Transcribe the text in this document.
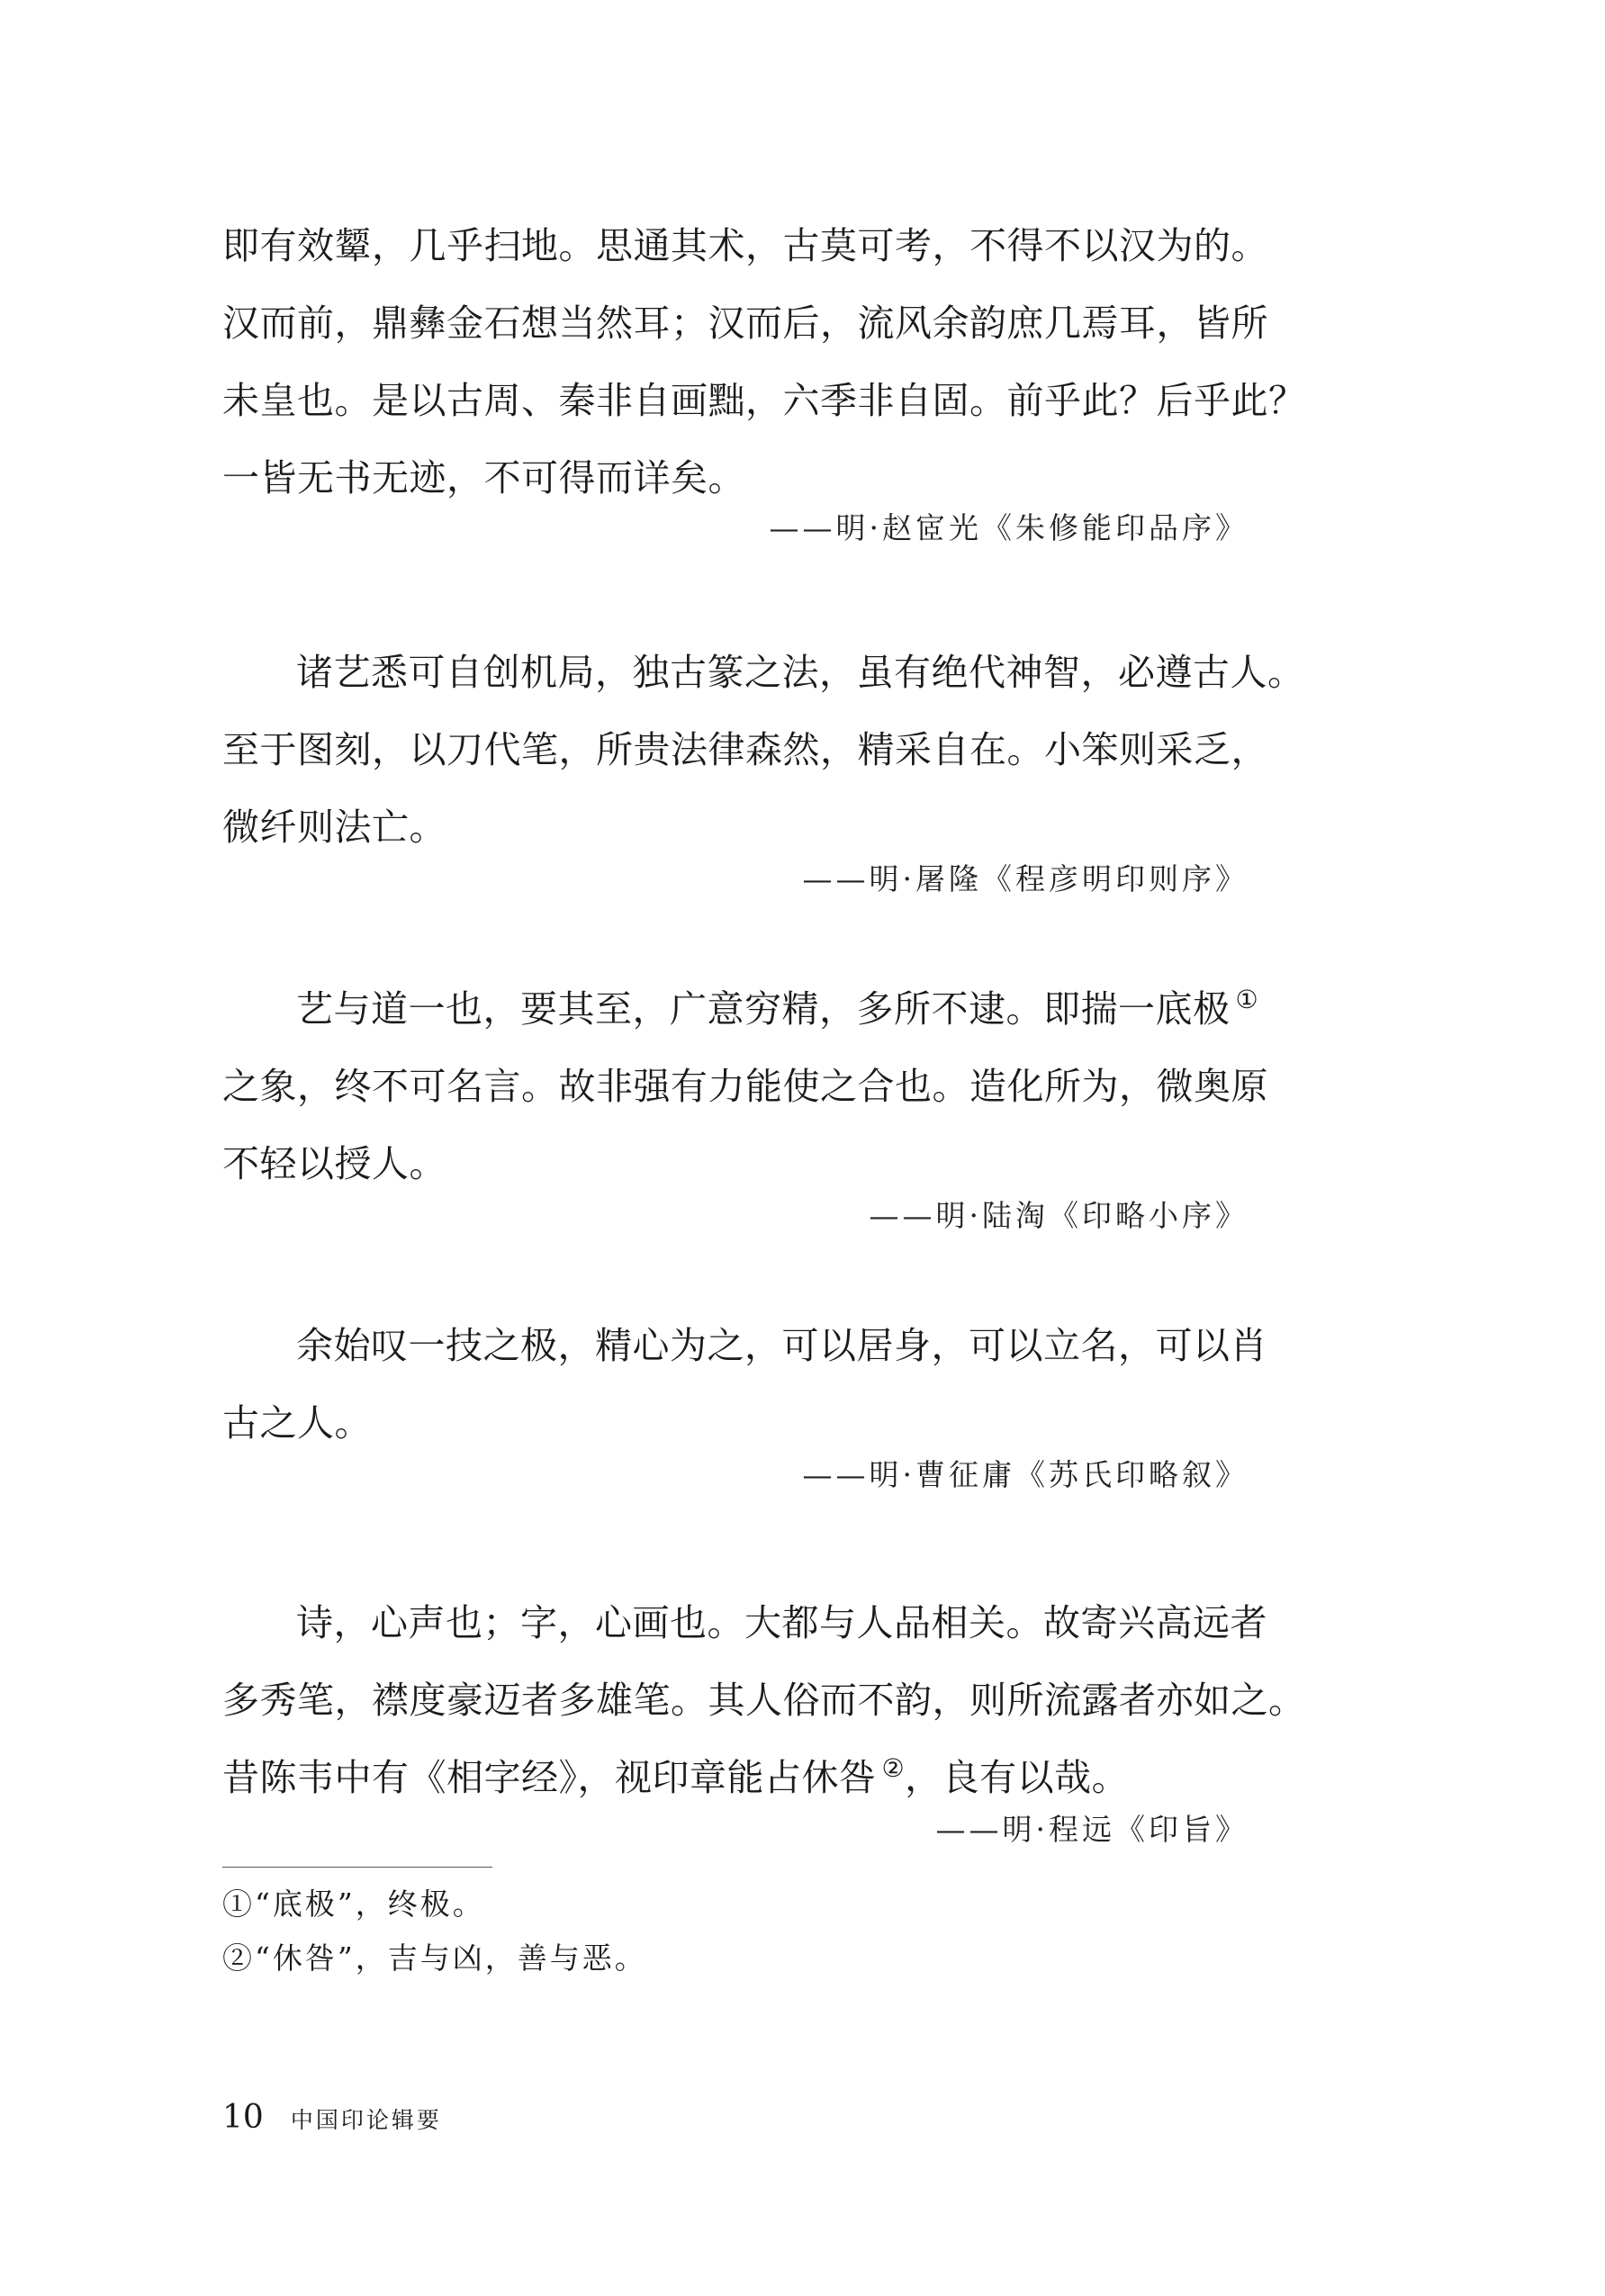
即有效颦，几乎扫地。思通其术，古莫可考，不得不以汉为的。
汉而前，鼎彝金石想当然耳；汉而后，流风余韵庶几焉耳，皆所
未皇也。是以古周、秦非自画黜，六季非自固。前乎此？后乎此？
一皆无书无迹，不可得而详矣。
——明·赵宧光《朱修能印品序》
诸艺悉可自创机局，独古篆之法，虽有绝代神智，必遵古人。
至于图刻，以刀代笔，所贵法律森然，精采自在。小笨则采乏，
微纤则法亡。
——明·屠隆《程彦明印则序》
艺与道一也，要其至，广意穷精，多所不逮。即揣一底极 ①
之象，终不可名言。故非强有力能使之合也。造化所为，微奥原
不轻以授人。
——明·陆淘《印略小序》
余始叹一技之极，精心为之，可以居身，可以立名，可以肖
古之人。
——明·曹征庸《苏氏印略叙》
诗，心声也；字，心画也。大都与人品相关。故寄兴高远者
多秀笔，襟度豪迈者多雄笔。其人俗而不韵，则所流露者亦如之。
昔陈韦中有《相字经》，视印章能占休咎 ②，良有以哉。
——明·程远《印旨》
①“底极”，终极。
②“休咎”，吉与凶，善与恶。
10 中国印论辑要
